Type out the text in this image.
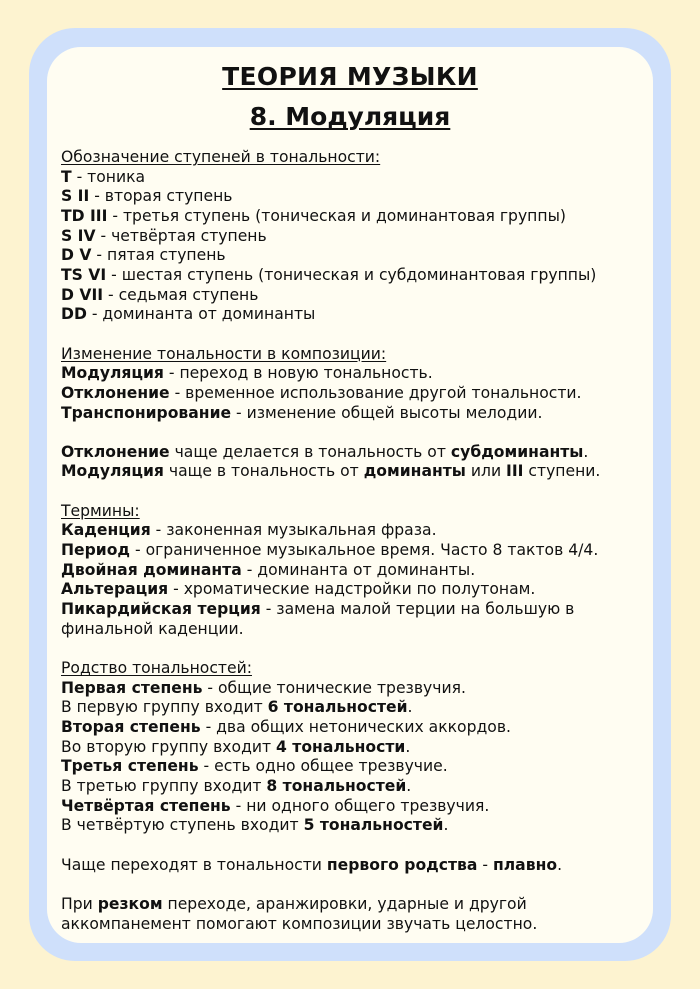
ТЕОРИЯ МУЗЫКИ
8. Модуляция
Обозначение ступеней в тональности:
T - тоника
S II - вторая ступень
TD III - третья ступень (тоническая и доминантовая группы)
S IV - четвёртая ступень
D V - пятая ступень
TS VI - шестая ступень (тоническая и субдоминантовая группы)
D VII - седьмая ступень
DD - доминанта от доминанты
Изменение тональности в композиции:
Модуляция - переход в новую тональность.
Отклонение - временное использование другой тональности.
Транспонирование - изменение общей высоты мелодии.
Отклонение чаще делается в тональность от субдоминанты.
Модуляция чаще в тональность от доминанты или III ступени.
Термины:
Каденция - законенная музыкальная фраза.
Период - ограниченное музыкальное время. Часто 8 тактов 4/4.
Двойная доминанта - доминанта от доминанты.
Альтерация - хроматические надстройки по полутонам.
Пикардийская терция - замена малой терции на большую в финальной каденции.
Родство тональностей:
Первая степень - общие тонические трезвучия.
В первую группу входит 6 тональностей.
Вторая степень - два общих нетонических аккордов.
Во вторую группу входит 4 тональности.
Третья степень - есть одно общее трезвучие.
В третью группу входит 8 тональностей.
Четвёртая степень - ни одного общего трезвучия.
В четвёртую ступень входит 5 тональностей.
Чаще переходят в тональности первого родства - плавно.
При резком переходе, аранжировки, ударные и другой аккомпанемент помогают композиции звучать целостно.
